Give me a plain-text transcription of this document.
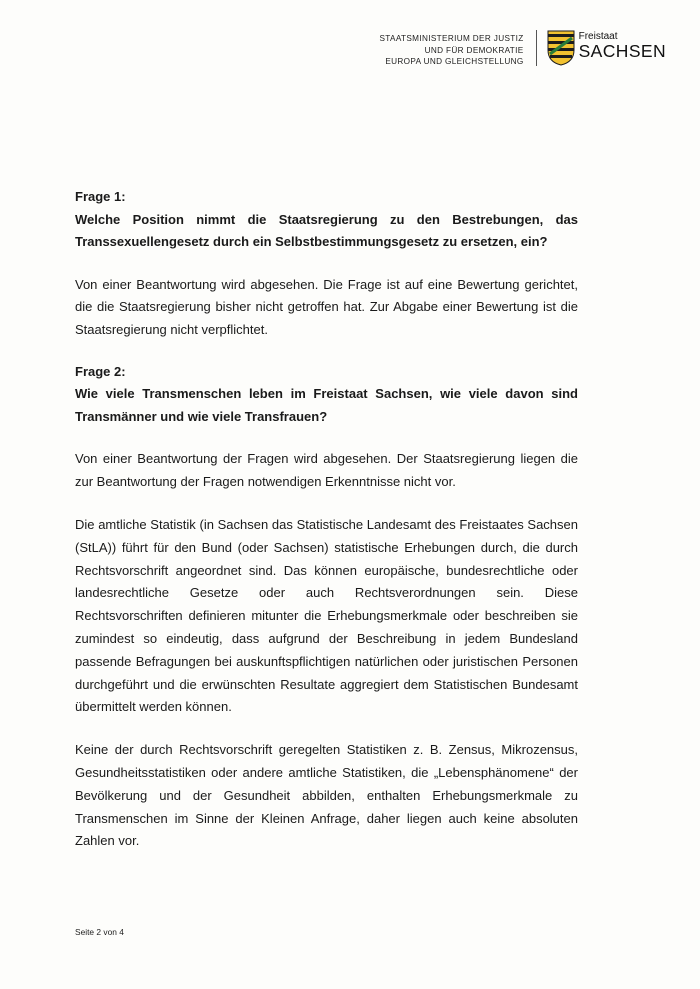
STAATSMINISTERIUM DER JUSTIZ
UND FÜR DEMOKRATIE
EUROPA UND GLEICHSTELLUNG
Freistaat
SACHSEN
Frage 1:
Welche Position nimmt die Staatsregierung zu den Bestrebungen, das Transsexuellengesetz durch ein Selbstbestimmungsgesetz zu ersetzen, ein?
Von einer Beantwortung wird abgesehen. Die Frage ist auf eine Bewertung gerichtet, die die Staatsregierung bisher nicht getroffen hat. Zur Abgabe einer Bewertung ist die Staatsregierung nicht verpflichtet.
Frage 2:
Wie viele Transmenschen leben im Freistaat Sachsen, wie viele davon sind Transmänner und wie viele Transfrauen?
Von einer Beantwortung der Fragen wird abgesehen. Der Staatsregierung liegen die zur Beantwortung der Fragen notwendigen Erkenntnisse nicht vor.
Die amtliche Statistik (in Sachsen das Statistische Landesamt des Freistaates Sachsen (StLA)) führt für den Bund (oder Sachsen) statistische Erhebungen durch, die durch Rechtsvorschrift angeordnet sind. Das können europäische, bundesrechtliche oder landesrechtliche Gesetze oder auch Rechtsverordnungen sein. Diese Rechtsvorschriften definieren mitunter die Erhebungsmerkmale oder beschreiben sie zumindest so eindeutig, dass aufgrund der Beschreibung in jedem Bundesland passende Befragungen bei auskunftspflichtigen natürlichen oder juristischen Personen durchgeführt und die erwünschten Resultate aggregiert dem Statistischen Bundesamt übermittelt werden können.
Keine der durch Rechtsvorschrift geregelten Statistiken z. B. Zensus, Mikrozensus, Gesundheitsstatistiken oder andere amtliche Statistiken, die „Lebensphänomene“ der Bevölkerung und der Gesundheit abbilden, enthalten Erhebungsmerkmale zu Transmenschen im Sinne der Kleinen Anfrage, daher liegen auch keine absoluten Zahlen vor.
Seite 2 von 4
